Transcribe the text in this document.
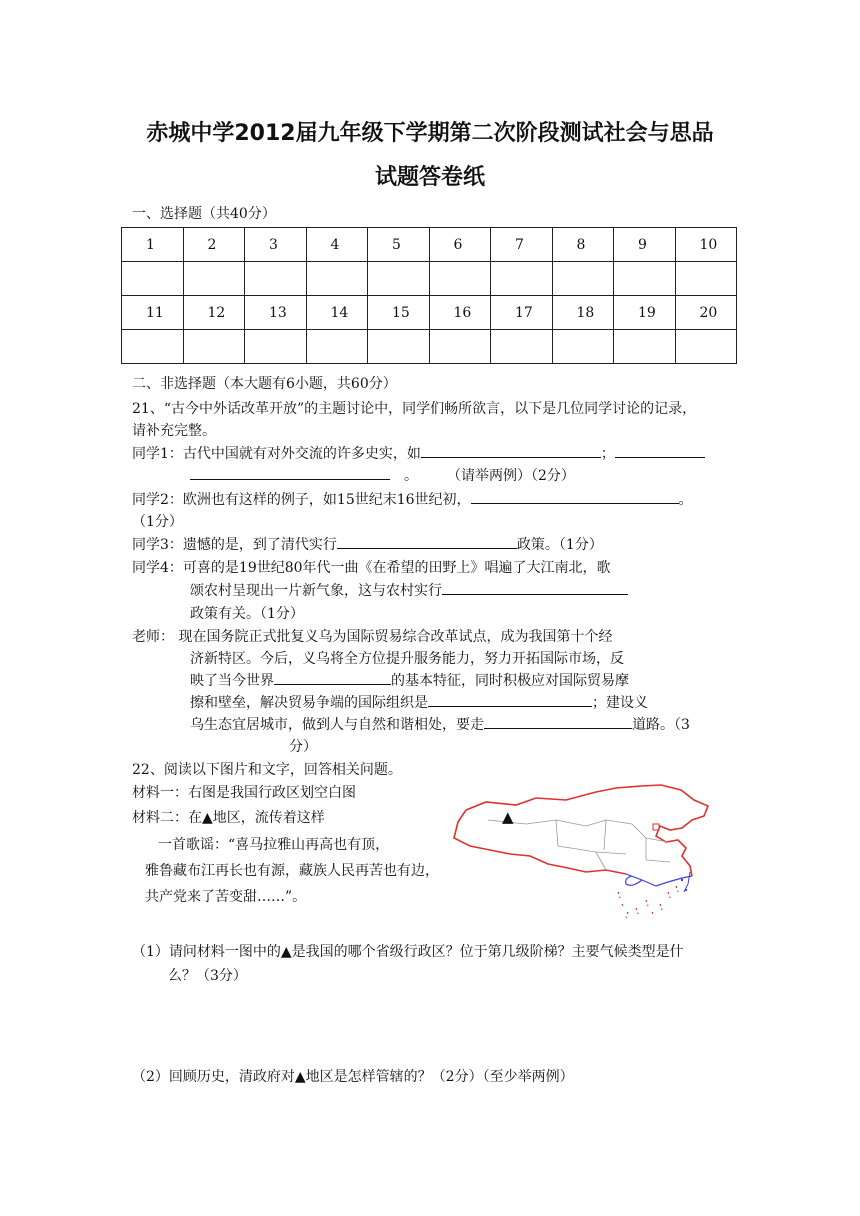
赤城中学2012届九年级下学期第二次阶段测试社会与思品
试题答卷纸
一、选择题（共40分）
1	2	3	4	5	6	7	8	9	10

11	12	13	14	15	16	17	18	19	20

二、非选择题（本大题有6小题，共60分）
21、“古今中外话改革开放”的主题讨论中，同学们畅所欲言，以下是几位同学讨论的记录，
请补充完整。
同学1：古代中国就有对外交流的许多史实，如	；
。	（请举两例）（2分）
同学2：欧洲也有这样的例子，如15世纪末16世纪初，	。
（1分）
同学3：遗憾的是，到了清代实行	政策。（1分）
同学4：可喜的是19世纪80年代一曲《在希望的田野上》唱遍了大江南北，歌
颂农村呈现出一片新气象，这与农村实行
政策有关。（1分）
老师： 现在国务院正式批复义乌为国际贸易综合改革试点，成为我国第十个经
济新特区。今后，义乌将全方位提升服务能力，努力开拓国际市场，反
映了当今世界	的基本特征，同时积极应对国际贸易摩
擦和壁垒，解决贸易争端的国际组织是	；建设义
乌生态宜居城市，做到人与自然和谐相处，要走	道路。（3
分）
22、阅读以下图片和文字，回答相关问题。
材料一：右图是我国行政区划空白图
材料二：在▲地区，流传着这样
一首歌谣：“喜马拉雅山再高也有顶，
雅鲁藏布江再长也有源，藏族人民再苦也有边，
共产党来了苦变甜……”。
▲
（1）请问材料一图中的▲是我国的哪个省级行政区？位于第几级阶梯？主要气候类型是什
么？（3分）
（2）回顾历史，清政府对▲地区是怎样管辖的？（2分）（至少举两例）
